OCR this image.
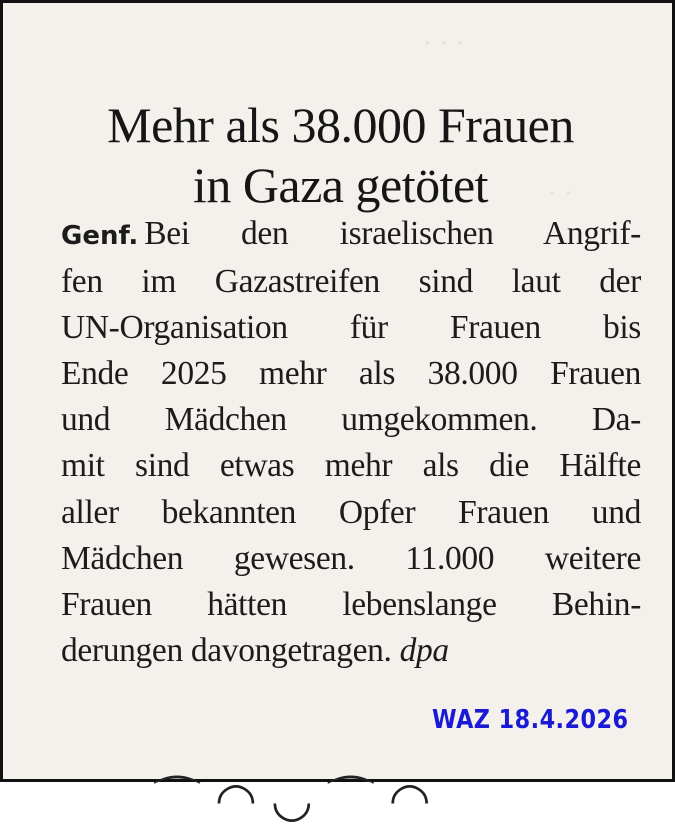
· · ·
· ·
Mehr als 38.000 Frauen
in Gaza getötet
Genf. Bei den israelischen Angrif-
fen im Gazastreifen sind laut der
UN-Organisation für Frauen bis
Ende 2025 mehr als 38.000 Frauen
und Mädchen umgekommen. Da-
mit sind etwas mehr als die Hälfte
aller bekannten Opfer Frauen und
Mädchen gewesen. 11.000 weitere
Frauen hätten lebenslange Behin-
derungen davongetragen. dpa
WAZ 18.4.2026
⌒ ◠ ◡ ⌒ ◠
